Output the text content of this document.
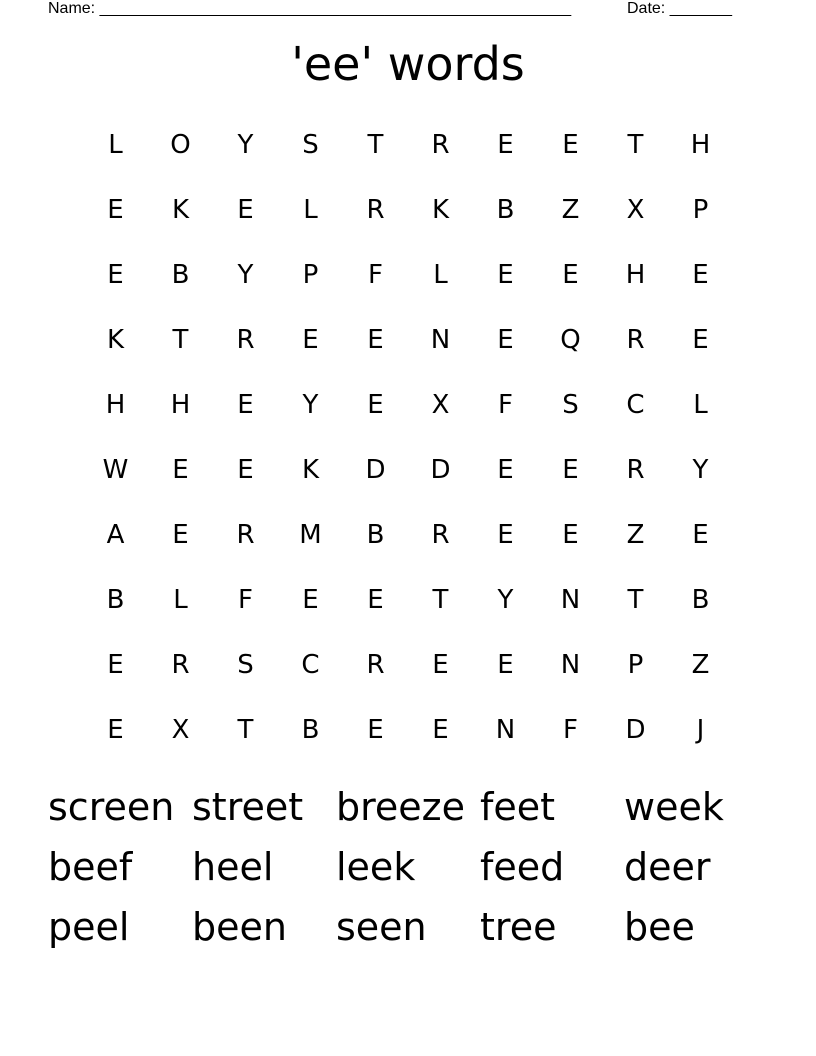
Name: _____________________________________________________	Date: _______
'ee' words
L	O	Y	S	T	R	E	E	T	H
E	K	E	L	R	K	B	Z	X	P
E	B	Y	P	F	L	E	E	H	E
K	T	R	E	E	N	E	Q	R	E
H	H	E	Y	E	X	F	S	C	L
W	E	E	K	D	D	E	E	R	Y
A	E	R	M	B	R	E	E	Z	E
B	L	F	E	E	T	Y	N	T	B
E	R	S	C	R	E	E	N	P	Z
E	X	T	B	E	E	N	F	D	J
screen street breeze feet	week
beef	heel	leek	feed	deer
peel	been	seen	tree	bee
